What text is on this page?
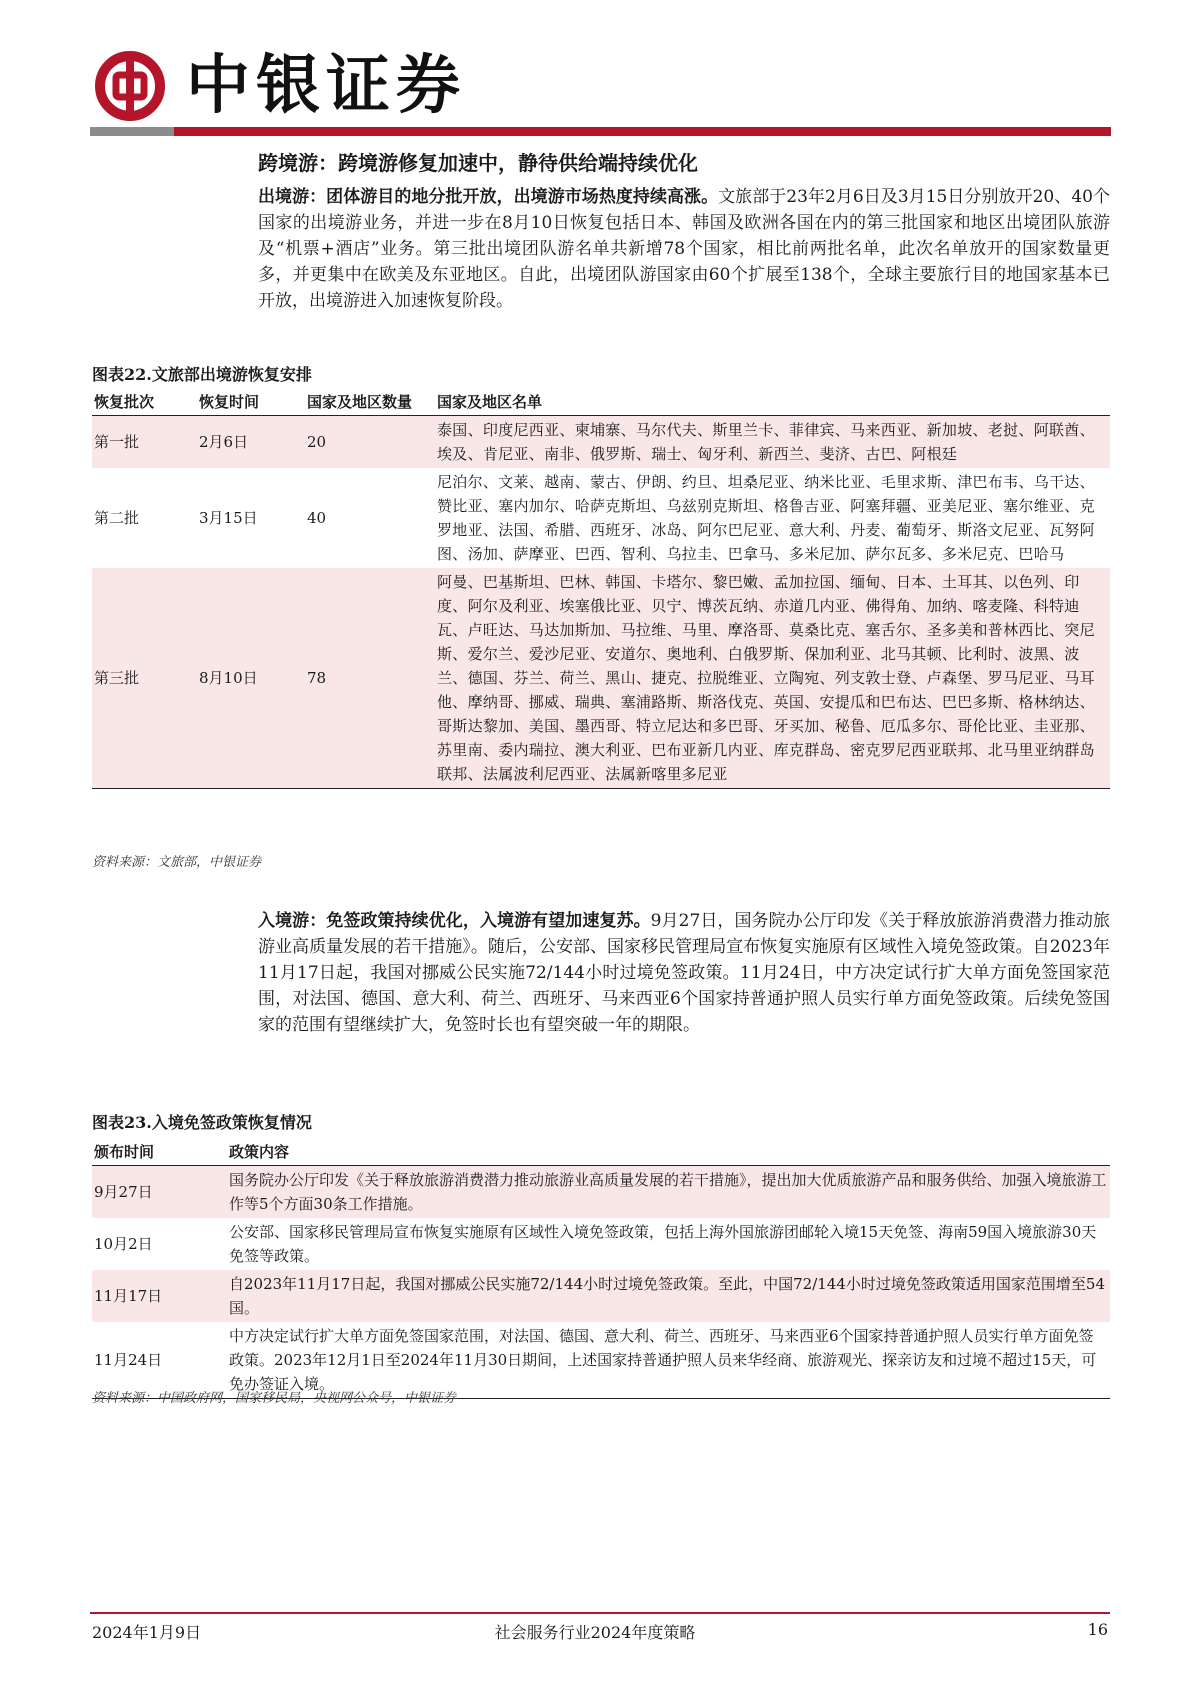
中银证券
跨境游：跨境游修复加速中，静待供给端持续优化
出境游：团体游目的地分批开放，出境游市场热度持续高涨。文旅部于23年2月6日及3月15日分别放开20、40个国家的出境游业务，并进一步在8月10日恢复包括日本、韩国及欧洲各国在内的第三批国家和地区出境团队旅游及“机票+酒店”业务。第三批出境团队游名单共新增78个国家，相比前两批名单，此次名单放开的国家数量更多，并更集中在欧美及东亚地区。自此，出境团队游国家由60个扩展至138个，全球主要旅行目的地国家基本已开放，出境游进入加速恢复阶段。
图表22.文旅部出境游恢复安排
恢复批次	恢复时间	国家及地区数量	国家及地区名单
第一批	2月6日	20	泰国、印度尼西亚、柬埔寨、马尔代夫、斯里兰卡、菲律宾、马来西亚、新加坡、老挝、阿联酋、埃及、肯尼亚、南非、俄罗斯、瑞士、匈牙利、新西兰、斐济、古巴、阿根廷
第二批	3月15日	40	尼泊尔、文莱、越南、蒙古、伊朗、约旦、坦桑尼亚、纳米比亚、毛里求斯、津巴布韦、乌干达、赞比亚、塞内加尔、哈萨克斯坦、乌兹别克斯坦、格鲁吉亚、阿塞拜疆、亚美尼亚、塞尔维亚、克罗地亚、法国、希腊、西班牙、冰岛、阿尔巴尼亚、意大利、丹麦、葡萄牙、斯洛文尼亚、瓦努阿图、汤加、萨摩亚、巴西、智利、乌拉圭、巴拿马、多米尼加、萨尔瓦多、多米尼克、巴哈马
第三批	8月10日	78	阿曼、巴基斯坦、巴林、韩国、卡塔尔、黎巴嫩、孟加拉国、缅甸、日本、土耳其、以色列、印度、阿尔及利亚、埃塞俄比亚、贝宁、博茨瓦纳、赤道几内亚、佛得角、加纳、喀麦隆、科特迪瓦、卢旺达、马达加斯加、马拉维、马里、摩洛哥、莫桑比克、塞舌尔、圣多美和普林西比、突尼斯、爱尔兰、爱沙尼亚、安道尔、奥地利、白俄罗斯、保加利亚、北马其顿、比利时、波黑、波兰、德国、芬兰、荷兰、黑山、捷克、拉脱维亚、立陶宛、列支敦士登、卢森堡、罗马尼亚、马耳他、摩纳哥、挪威、瑞典、塞浦路斯、斯洛伐克、英国、安提瓜和巴布达、巴巴多斯、格林纳达、哥斯达黎加、美国、墨西哥、特立尼达和多巴哥、牙买加、秘鲁、厄瓜多尔、哥伦比亚、圭亚那、苏里南、委内瑞拉、澳大利亚、巴布亚新几内亚、库克群岛、密克罗尼西亚联邦、北马里亚纳群岛联邦、法属波利尼西亚、法属新喀里多尼亚
资料来源：文旅部，中银证券
入境游：免签政策持续优化，入境游有望加速复苏。9月27日，国务院办公厅印发《关于释放旅游消费潜力推动旅游业高质量发展的若干措施》。随后，公安部、国家移民管理局宣布恢复实施原有区域性入境免签政策。自2023年11月17日起，我国对挪威公民实施72/144小时过境免签政策。11月24日，中方决定试行扩大单方面免签国家范围，对法国、德国、意大利、荷兰、西班牙、马来西亚6个国家持普通护照人员实行单方面免签政策。后续免签国家的范围有望继续扩大，免签时长也有望突破一年的期限。
图表23.入境免签政策恢复情况
颁布时间	政策内容
9月27日	国务院办公厅印发《关于释放旅游消费潜力推动旅游业高质量发展的若干措施》，提出加大优质旅游产品和服务供给、加强入境旅游工作等5个方面30条工作措施。
10月2日	公安部、国家移民管理局宣布恢复实施原有区域性入境免签政策，包括上海外国旅游团邮轮入境15天免签、海南59国入境旅游30天免签等政策。
11月17日	自2023年11月17日起，我国对挪威公民实施72/144小时过境免签政策。至此，中国72/144小时过境免签政策适用国家范围增至54国。
11月24日	中方决定试行扩大单方面免签国家范围，对法国、德国、意大利、荷兰、西班牙、马来西亚6个国家持普通护照人员实行单方面免签政策。2023年12月1日至2024年11月30日期间，上述国家持普通护照人员来华经商、旅游观光、探亲访友和过境不超过15天，可免办签证入境。
资料来源：中国政府网，国家移民局，央视网公众号，中银证券
2024年1月9日	社会服务行业2024年度策略	16
